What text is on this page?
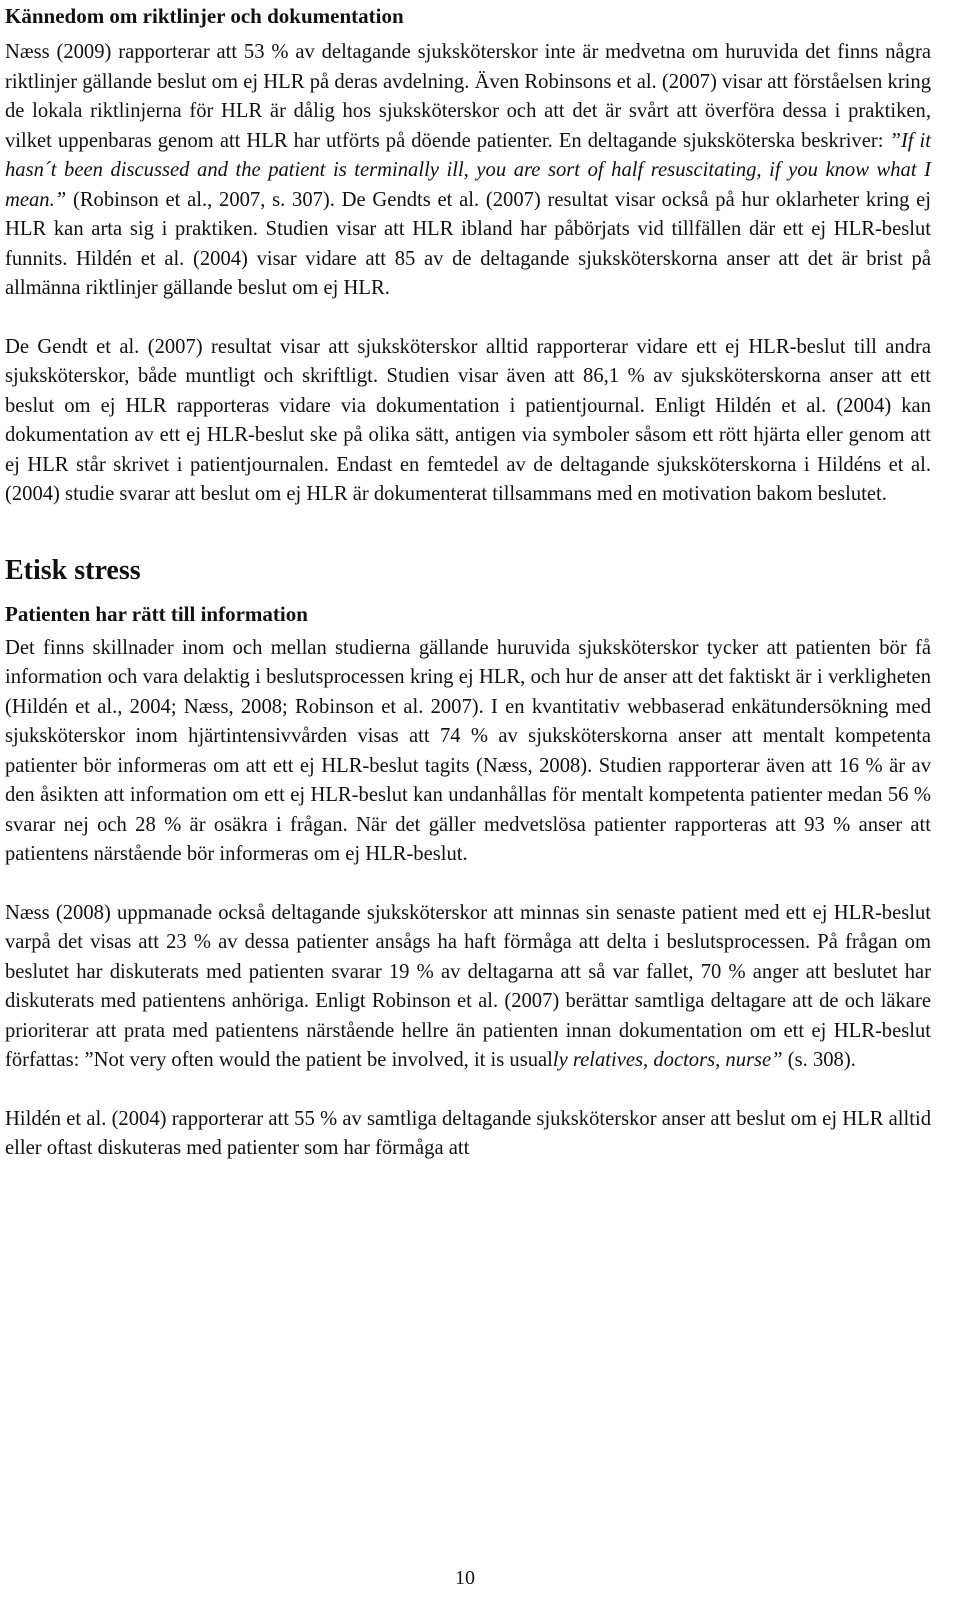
Kännedom om riktlinjer och dokumentation

Næss (2009) rapporterar att 53 % av deltagande sjuksköterskor inte är medvetna om huruvida det finns några riktlinjer gällande beslut om ej HLR på deras avdelning. Även Robinsons et al. (2007) visar att förståelsen kring de lokala riktlinjerna för HLR är dålig hos sjuksköterskor och att det är svårt att överföra dessa i praktiken, vilket uppenbaras genom att HLR har utförts på döende patienter. En deltagande sjuksköterska beskriver: ”If it hasn´t been discussed and the patient is terminally ill, you are sort of half resuscitating, if you know what I mean.” (Robinson et al., 2007, s. 307). De Gendts et al. (2007) resultat visar också på hur oklarheter kring ej HLR kan arta sig i praktiken. Studien visar att HLR ibland har påbörjats vid tillfällen där ett ej HLR-beslut funnits. Hildén et al. (2004) visar vidare att 85 av de deltagande sjuksköterskorna anser att det är brist på allmänna riktlinjer gällande beslut om ej HLR.

De Gendt et al. (2007) resultat visar att sjuksköterskor alltid rapporterar vidare ett ej HLR-beslut till andra sjuksköterskor, både muntligt och skriftligt. Studien visar även att 86,1 % av sjuksköterskorna anser att ett beslut om ej HLR rapporteras vidare via dokumentation i patientjournal. Enligt Hildén et al. (2004) kan dokumentation av ett ej HLR-beslut ske på olika sätt, antigen via symboler såsom ett rött hjärta eller genom att ej HLR står skrivet i patientjournalen. Endast en femtedel av de deltagande sjuksköterskorna i Hildéns et al. (2004) studie svarar att beslut om ej HLR är dokumenterat tillsammans med en motivation bakom beslutet.

Etisk stress
Patienten har rätt till information

Det finns skillnader inom och mellan studierna gällande huruvida sjuksköterskor tycker att patienten bör få information och vara delaktig i beslutsprocessen kring ej HLR, och hur de anser att det faktiskt är i verkligheten (Hildén et al., 2004; Næss, 2008; Robinson et al. 2007). I en kvantitativ webbaserad enkätundersökning med sjuksköterskor inom hjärtintensivvården visas att 74 % av sjuksköterskorna anser att mentalt kompetenta patienter bör informeras om att ett ej HLR-beslut tagits (Næss, 2008). Studien rapporterar även att 16 % är av den åsikten att information om ett ej HLR-beslut kan undanhållas för mentalt kompetenta patienter medan 56 % svarar nej och 28 % är osäkra i frågan. När det gäller medvetslösa patienter rapporteras att 93 % anser att patientens närstående bör informeras om ej HLR-beslut.

Næss (2008) uppmanade också deltagande sjuksköterskor att minnas sin senaste patient med ett ej HLR-beslut varpå det visas att 23 % av dessa patienter ansågs ha haft förmåga att delta i beslutsprocessen. På frågan om beslutet har diskuterats med patienten svarar 19 % av deltagarna att så var fallet, 70 % anger att beslutet har diskuterats med patientens anhöriga. Enligt Robinson et al. (2007) berättar samtliga deltagare att de och läkare prioriterar att prata med patientens närstående hellre än patienten innan dokumentation om ett ej HLR-beslut författas: ”Not very often would the patient be involved, it is usually relatives, doctors, nurse” (s. 308).

Hildén et al. (2004) rapporterar att 55 % av samtliga deltagande sjuksköterskor anser att beslut om ej HLR alltid eller oftast diskuteras med patienter som har förmåga att

10
